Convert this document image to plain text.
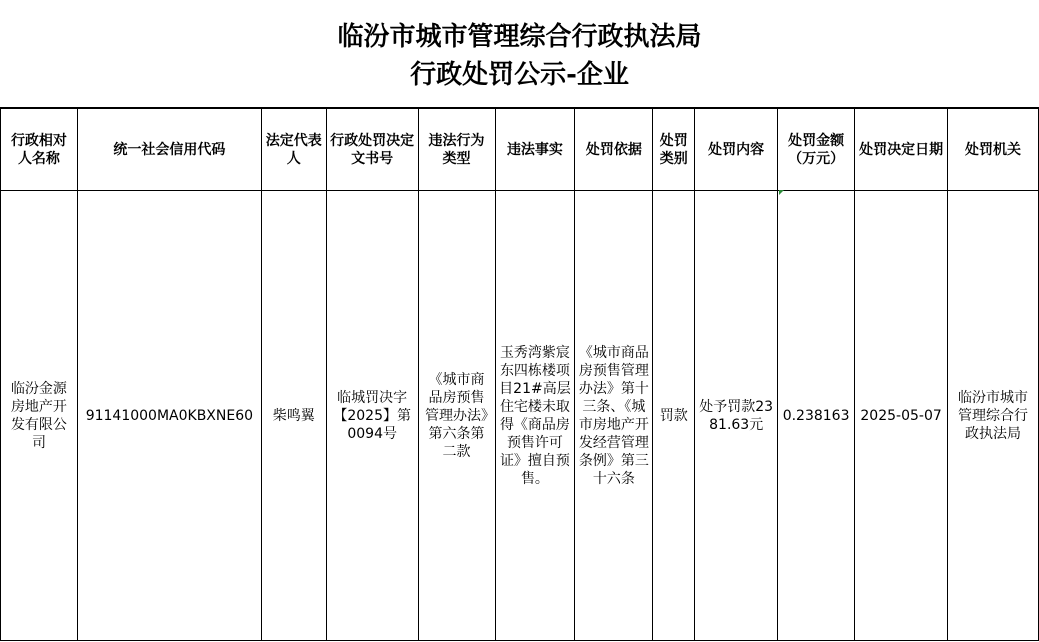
临汾市城市管理综合行政执法局
行政处罚公示-企业
行政相对人名称	统一社会信用代码	法定代表人	行政处罚决定文书号	违法行为类型	违法事实	处罚依据	处罚类别	处罚内容	处罚金额（万元）	处罚决定日期	处罚机关
临汾金源房地产开发有限公司	91141000MA0KBXNE60	柴鸣翼	临城罚决字【2025】第0094号	《城市商品房预售管理办法》第六条第二款	玉秀湾紫宸东四栋楼项目21#高层住宅楼未取得《商品房预售许可证》擅自预售。	《城市商品房预售管理办法》第十三条、《城市房地产开发经营管理条例》第三十六条	罚款	处予罚款2381.63元	0.238163	2025-05-07	临汾市城市管理综合行政执法局
